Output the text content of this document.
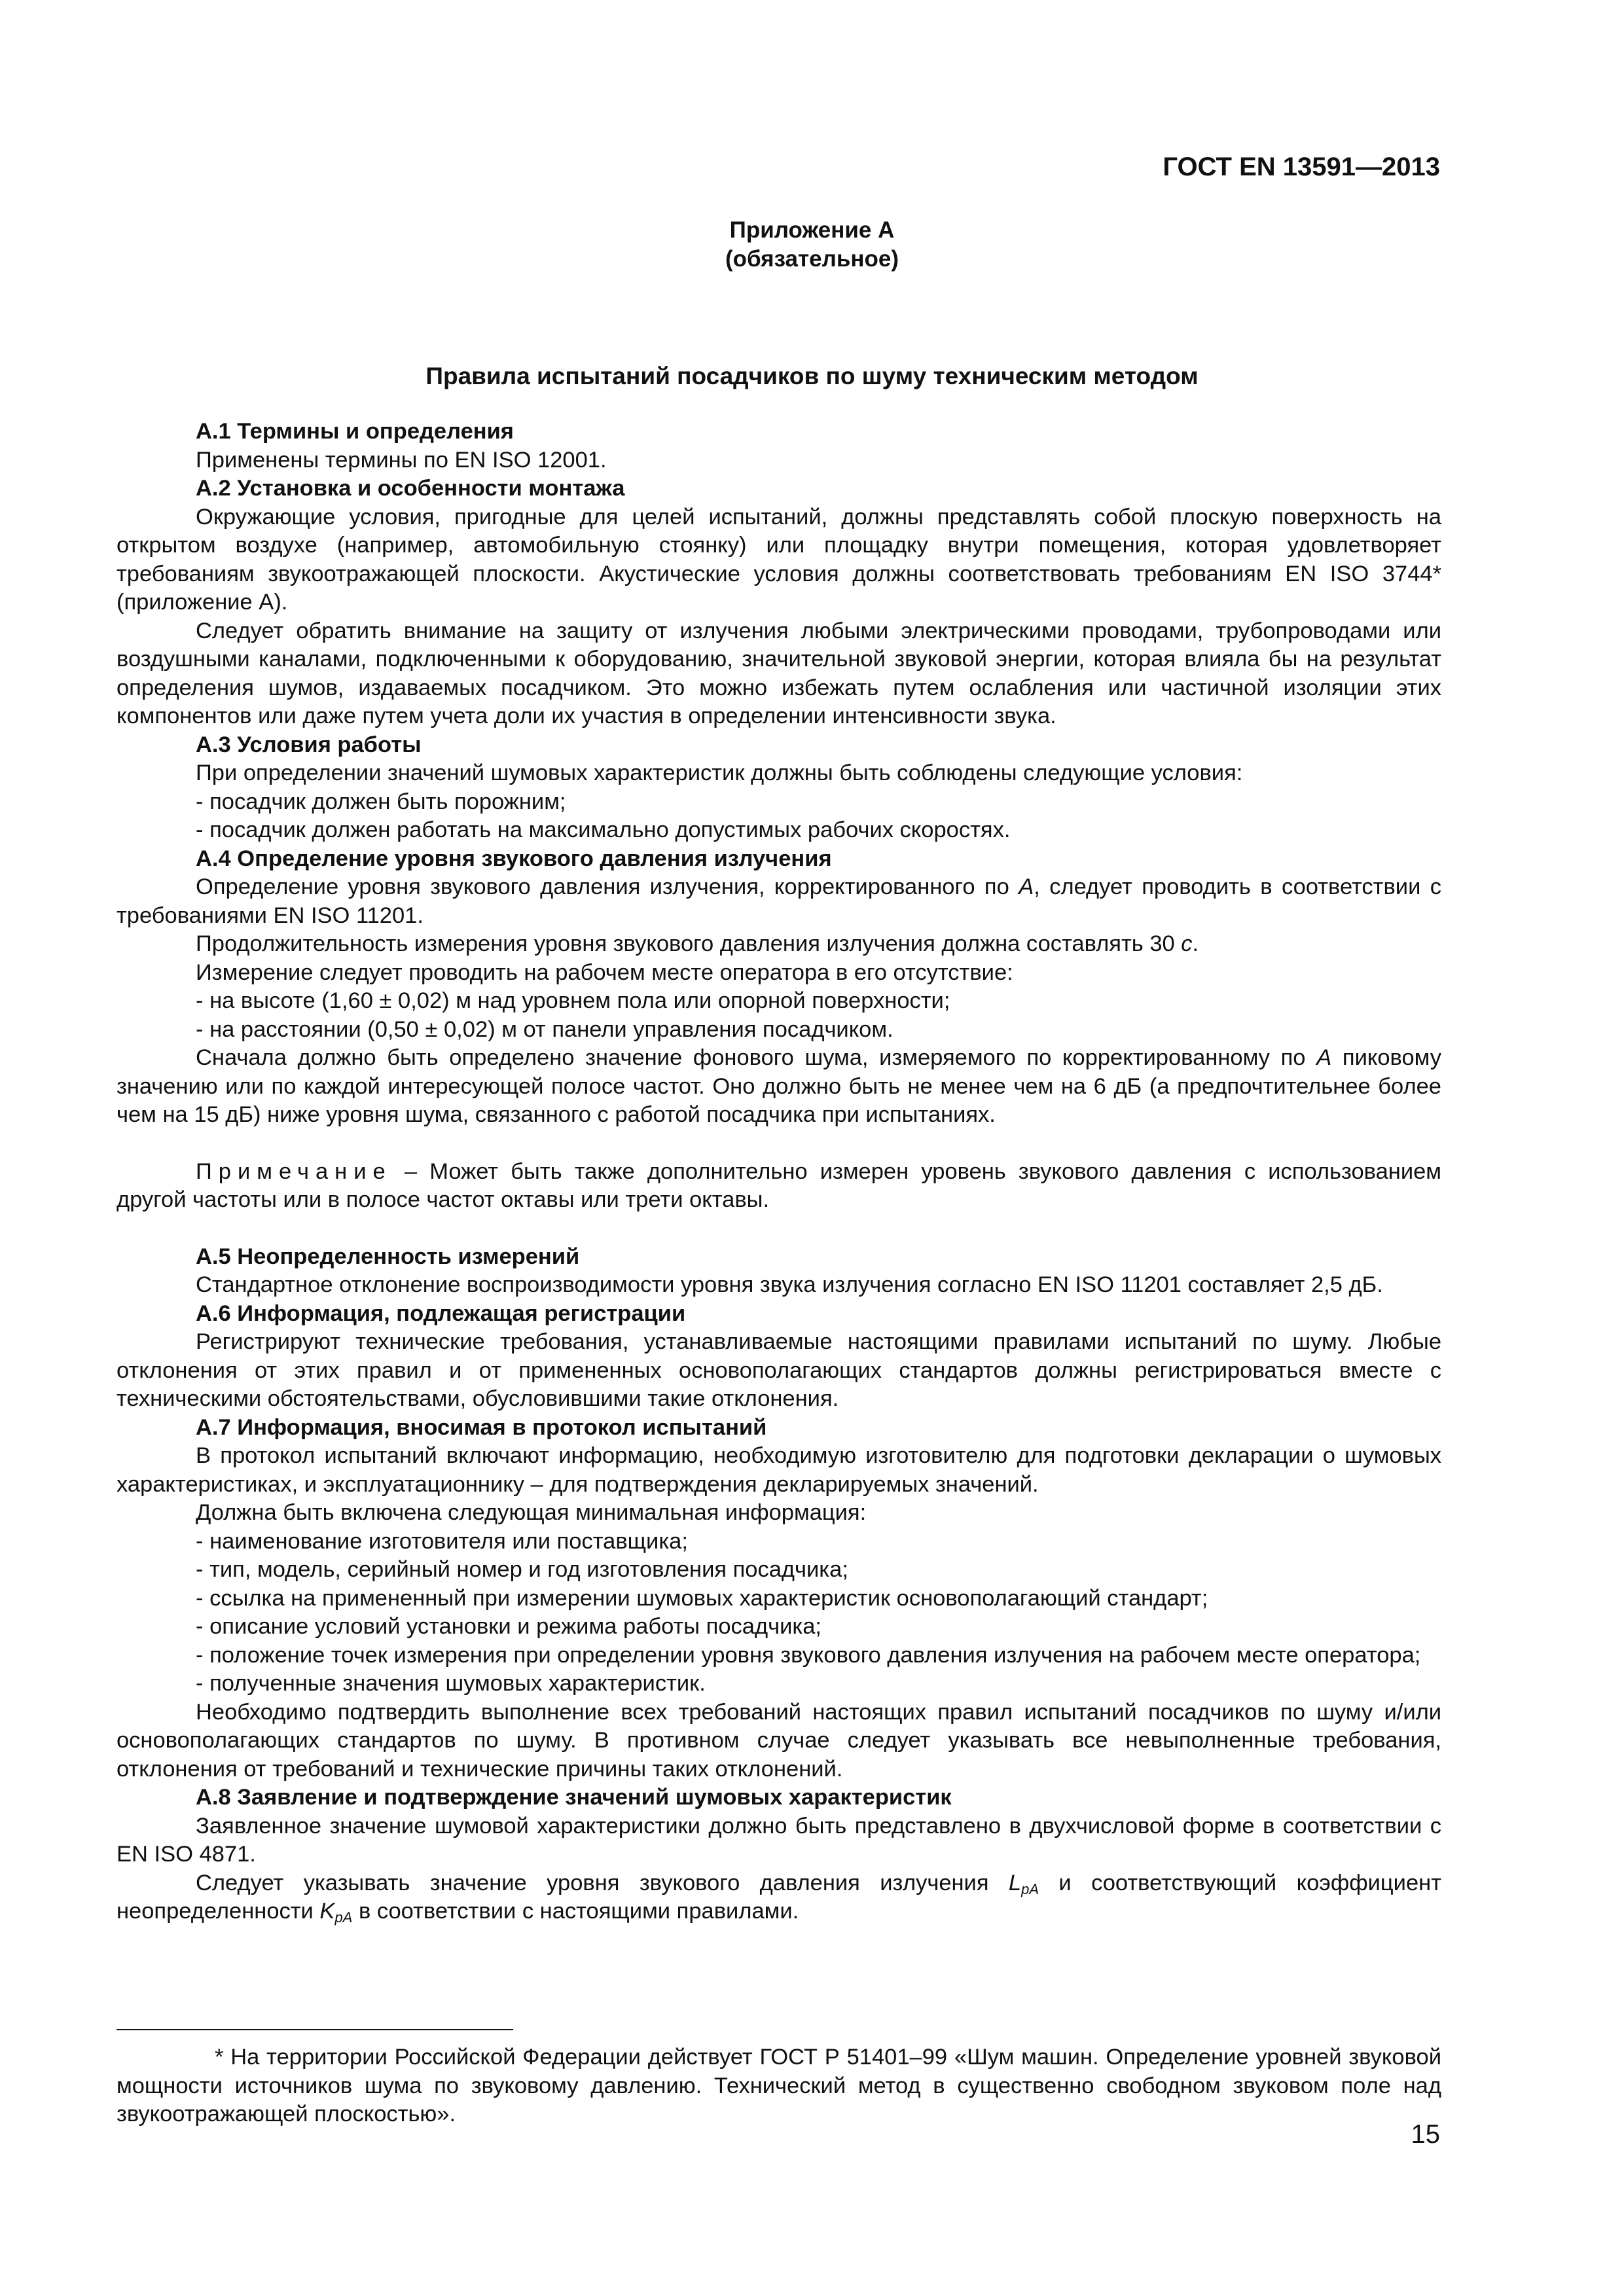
ГОСТ EN 13591—2013
Приложение А
(обязательное)
Правила испытаний посадчиков по шуму техническим методом

А.1 Термины и определения

Применены термины по EN ISO 12001.

А.2 Установка и особенности монтажа

Окружающие условия, пригодные для целей испытаний, должны представлять собой плоскую поверхность на открытом воздухе (например, автомобильную стоянку) или площадку внутри помещения, которая удовлетворяет требованиям звукоотражающей плоскости. Акустические условия должны соответствовать требованиям EN ISO 3744* (приложение А).

Следует обратить внимание на защиту от излучения любыми электрическими проводами, трубопроводами или воздушными каналами, подключенными к оборудованию, значительной звуковой энергии, которая влияла бы на результат определения шумов, издаваемых посадчиком. Это можно избежать путем ослабления или частичной изоляции этих компонентов или даже путем учета доли их участия в определении интенсивности звука.

А.3 Условия работы

При определении значений шумовых характеристик должны быть соблюдены следующие условия:

- посадчик должен быть порожним;

- посадчик должен работать на максимально допустимых рабочих скоростях.

А.4 Определение уровня звукового давления излучения

Определение уровня звукового давления излучения, корректированного по А, следует проводить в соответствии с требованиями EN ISO 11201.

Продолжительность измерения уровня звукового давления излучения должна составлять 30 с.

Измерение следует проводить на рабочем месте оператора в его отсутствие:

- на высоте (1,60 ± 0,02) м над уровнем пола или опорной поверхности;

- на расстоянии (0,50 ± 0,02) м от панели управления посадчиком.

Сначала должно быть определено значение фонового шума, измеряемого по корректированному по А пиковому значению или по каждой интересующей полосе частот. Оно должно быть не менее чем на 6 дБ (а предпочтительнее более чем на 15 дБ) ниже уровня шума, связанного с работой посадчика при испытаниях.

Примечание – Может быть также дополнительно измерен уровень звукового давления с использованием другой частоты или в полосе частот октавы или трети октавы.

А.5 Неопределенность измерений

Стандартное отклонение воспроизводимости уровня звука излучения согласно EN ISO 11201 составляет 2,5 дБ.

А.6 Информация, подлежащая регистрации

Регистрируют технические требования, устанавливаемые настоящими правилами испытаний по шуму. Любые отклонения от этих правил и от примененных основополагающих стандартов должны регистрироваться вместе с техническими обстоятельствами, обусловившими такие отклонения.

А.7 Информация, вносимая в протокол испытаний

В протокол испытаний включают информацию, необходимую изготовителю для подготовки декларации о шумовых характеристиках, и эксплуатационнику – для подтверждения декларируемых значений.

Должна быть включена следующая минимальная информация:

- наименование изготовителя или поставщика;

- тип, модель, серийный номер и год изготовления посадчика;

- ссылка на примененный при измерении шумовых характеристик основополагающий стандарт;

- описание условий установки и режима работы посадчика;

- положение точек измерения при определении уровня звукового давления излучения на рабочем месте оператора;

- полученные значения шумовых характеристик.

Необходимо подтвердить выполнение всех требований настоящих правил испытаний посадчиков по шуму и/или основополагающих стандартов по шуму. В противном случае следует указывать все невыполненные требования, отклонения от требований и технические причины таких отклонений.

А.8 Заявление и подтверждение значений шумовых характеристик

Заявленное значение шумовой характеристики должно быть представлено в двухчисловой форме в соответствии с EN ISO 4871.

Следует указывать значение уровня звукового давления излучения $L_{pA}$ и соответствующий коэффициент неопределенности $K_{pA}$ в соответствии с настоящими правилами.

* На территории Российской Федерации действует ГОСТ Р 51401–99 «Шум машин. Определение уровней звуковой мощности источников шума по звуковому давлению. Технический метод в существенно свободном звуковом поле над звукоотражающей плоскостью».

15
